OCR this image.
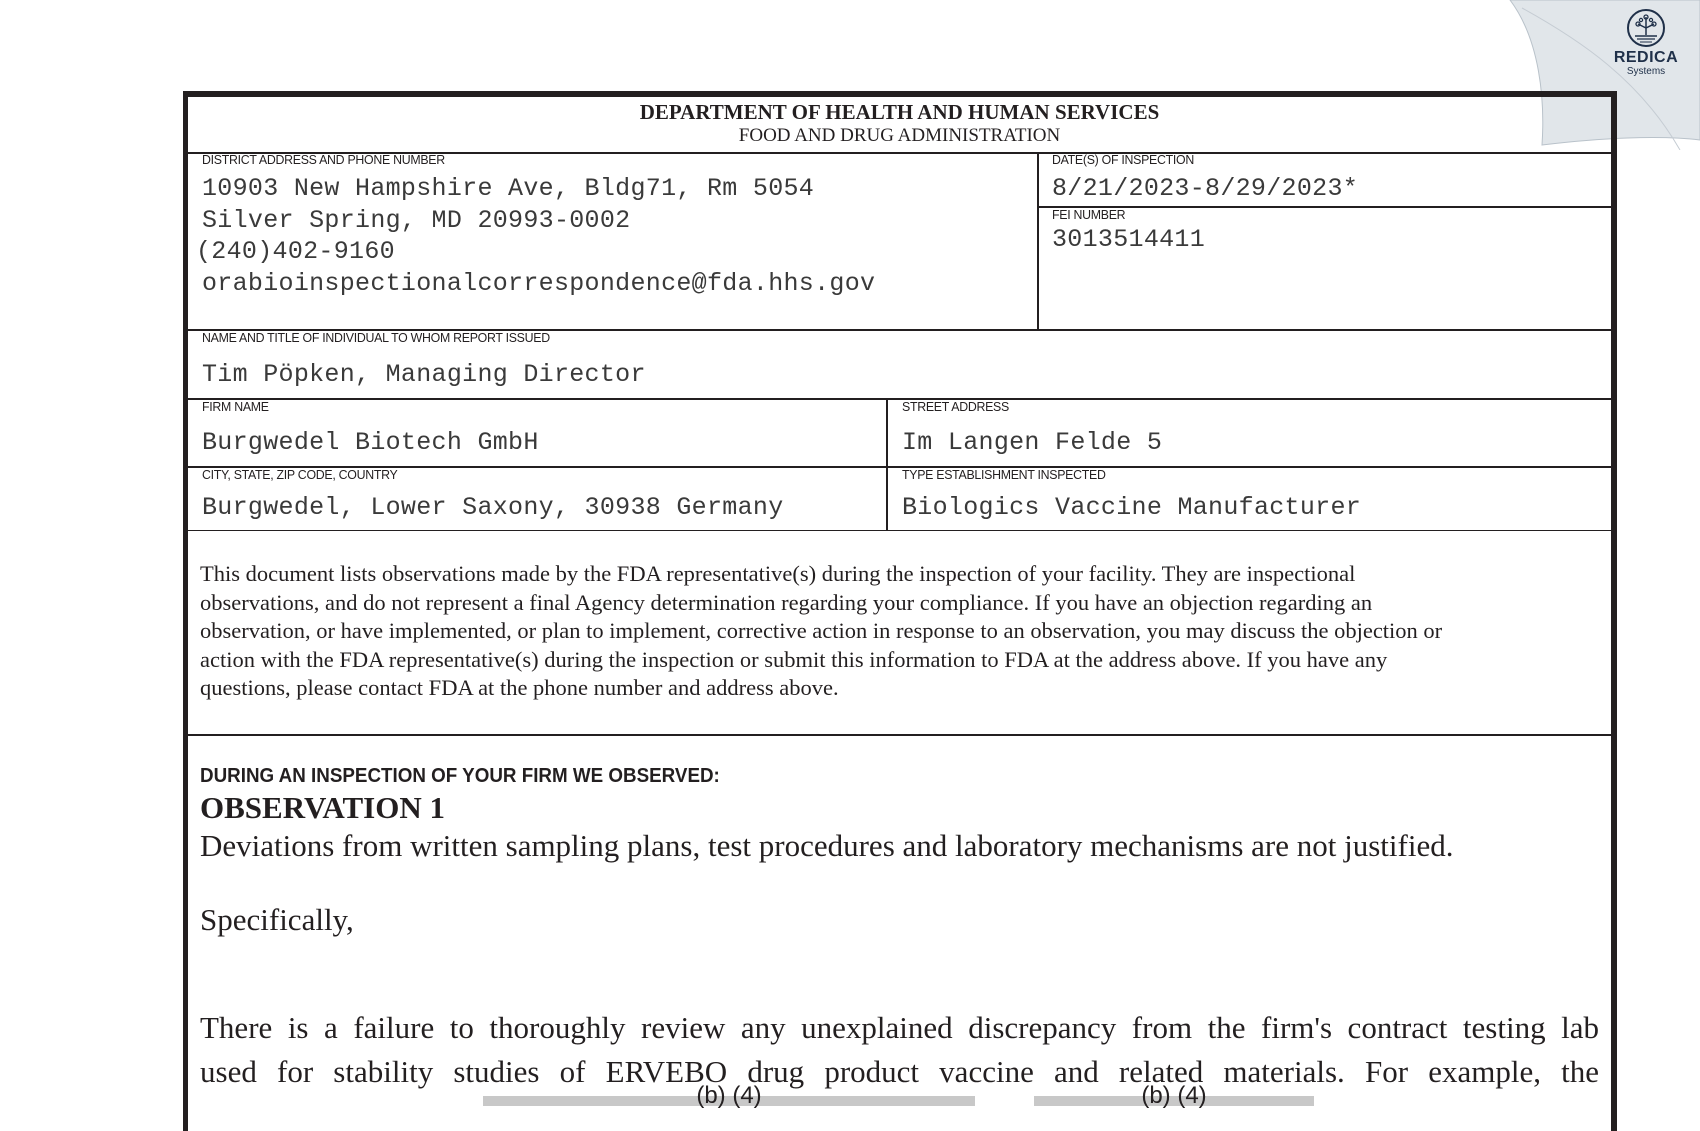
REDICA
Systems
DEPARTMENT OF HEALTH AND HUMAN SERVICES
FOOD AND DRUG ADMINISTRATION
DISTRICT ADDRESS AND PHONE NUMBER
10903 New Hampshire Ave, Bldg71, Rm 5054
Silver Spring, MD 20993-0002
(240)402-9160
orabioinspectionalcorrespondence@fda.hhs.gov
DATE(S) OF INSPECTION
8/21/2023-8/29/2023*
FEI NUMBER
3013514411
NAME AND TITLE OF INDIVIDUAL TO WHOM REPORT ISSUED
Tim Pöpken, Managing Director
FIRM NAME
Burgwedel Biotech GmbH
STREET ADDRESS
Im Langen Felde 5
CITY, STATE, ZIP CODE, COUNTRY
Burgwedel, Lower Saxony, 30938 Germany
TYPE ESTABLISHMENT INSPECTED
Biologics Vaccine Manufacturer
This document lists observations made by the FDA representative(s) during the inspection of your facility. They are inspectional
observations, and do not represent a final Agency determination regarding your compliance. If you have an objection regarding an
observation, or have implemented, or plan to implement, corrective action in response to an observation, you may discuss the objection or
action with the FDA representative(s) during the inspection or submit this information to FDA at the address above. If you have any
questions, please contact FDA at the phone number and address above.
DURING AN INSPECTION OF YOUR FIRM WE OBSERVED:
OBSERVATION 1
Deviations from written sampling plans, test procedures and laboratory mechanisms are not justified.
Specifically,
There is a failure to thoroughly review any unexplained discrepancy from the firm's contract testing lab
used for stability studies of ERVEBO drug product vaccine and related materials. For example, the
(b) (4)	(b) (4)
